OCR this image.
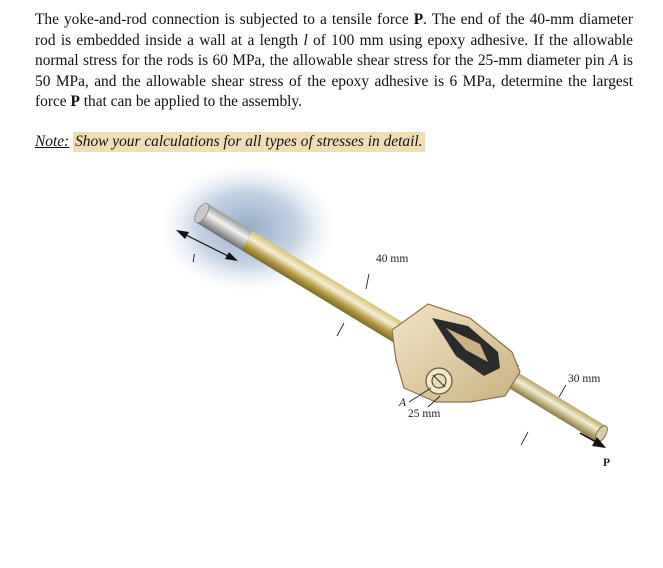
The yoke-and-rod connection is subjected to a tensile force P. The end of the 40-mm diameter rod is embedded inside a wall at a length l of 100 mm using epoxy adhesive. If the allowable normal stress for the rods is 60 MPa, the allowable shear stress for the 25-mm diameter pin A is 50 MPa, and the allowable shear stress of the epoxy adhesive is 6 MPa, determine the largest force P that can be applied to the assembly.

Note: Show your calculations for all types of stresses in detail.
l	40 mm
A
25 mm
30 mm
P
